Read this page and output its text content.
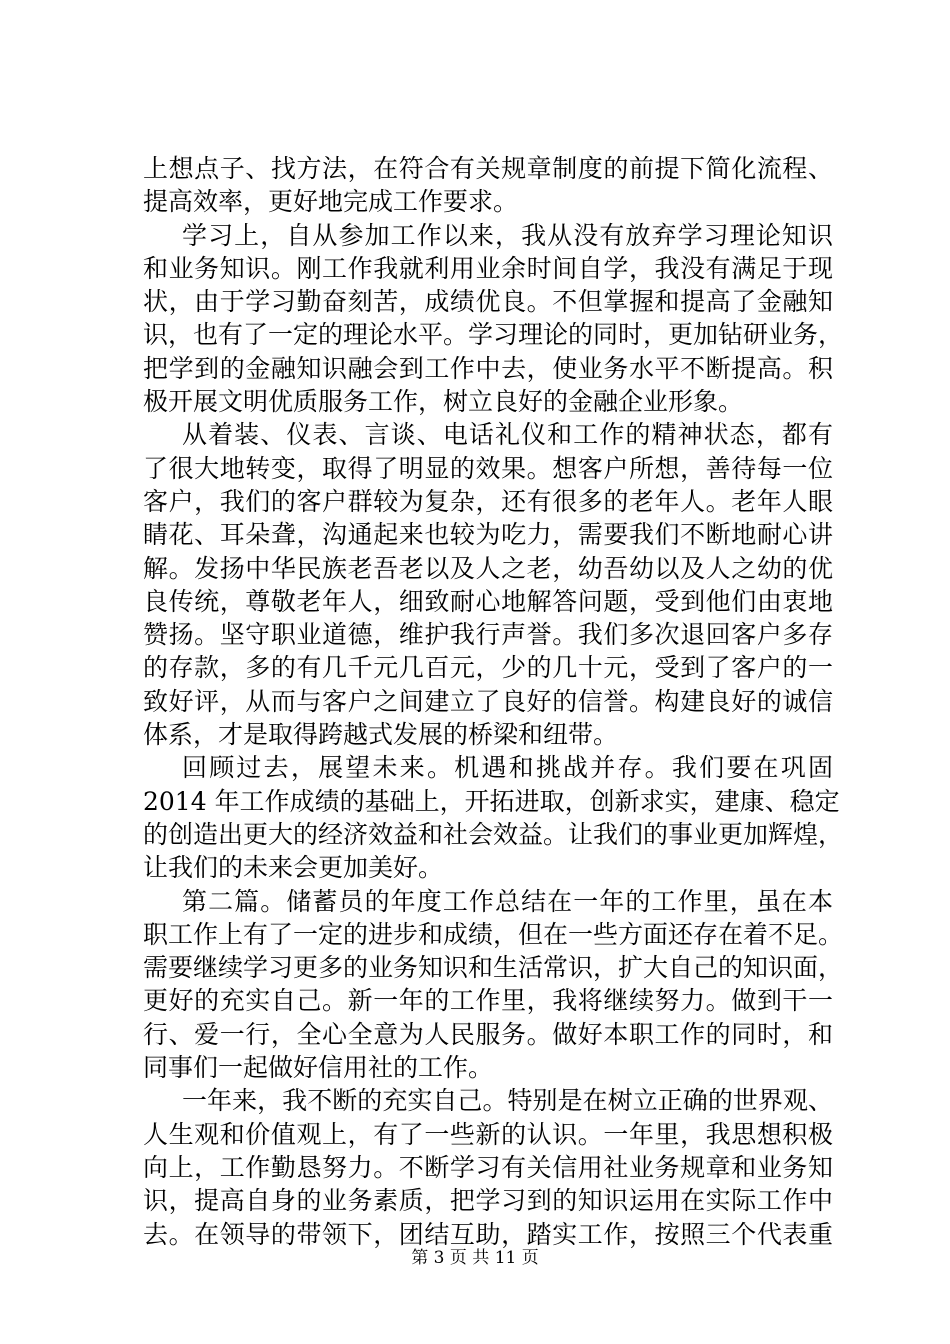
上想点子、找方法，在符合有关规章制度的前提下简化流程、
提高效率，更好地完成工作要求。
学习上，自从参加工作以来，我从没有放弃学习理论知识
和业务知识。刚工作我就利用业余时间自学，我没有满足于现
状，由于学习勤奋刻苦，成绩优良。不但掌握和提高了金融知
识，也有了一定的理论水平。学习理论的同时，更加钻研业务，
把学到的金融知识融会到工作中去，使业务水平不断提高。积
极开展文明优质服务工作，树立良好的金融企业形象。
从着装、仪表、言谈、电话礼仪和工作的精神状态，都有
了很大地转变，取得了明显的效果。想客户所想，善待每一位
客户，我们的客户群较为复杂，还有很多的老年人。老年人眼
睛花、耳朵聋，沟通起来也较为吃力，需要我们不断地耐心讲
解。发扬中华民族老吾老以及人之老，幼吾幼以及人之幼的优
良传统，尊敬老年人，细致耐心地解答问题，受到他们由衷地
赞扬。坚守职业道德，维护我行声誉。我们多次退回客户多存
的存款，多的有几千元几百元，少的几十元，受到了客户的一
致好评，从而与客户之间建立了良好的信誉。构建良好的诚信
体系，才是取得跨越式发展的桥梁和纽带。
回顾过去，展望未来。机遇和挑战并存。我们要在巩固
2014 年工作成绩的基础上，开拓进取，创新求实，建康、稳定
的创造出更大的经济效益和社会效益。让我们的事业更加辉煌，
让我们的未来会更加美好。
第二篇。储蓄员的年度工作总结在一年的工作里，虽在本
职工作上有了一定的进步和成绩，但在一些方面还存在着不足。
需要继续学习更多的业务知识和生活常识，扩大自己的知识面，
更好的充实自己。新一年的工作里，我将继续努力。做到干一
行、爱一行，全心全意为人民服务。做好本职工作的同时，和
同事们一起做好信用社的工作。
一年来，我不断的充实自己。特别是在树立正确的世界观、
人生观和价值观上，有了一些新的认识。一年里，我思想积极
向上，工作勤恳努力。不断学习有关信用社业务规章和业务知
识，提高自身的业务素质，把学习到的知识运用在实际工作中
去。在领导的带领下，团结互助，踏实工作，按照三个代表重
第 3 页 共 11 页
